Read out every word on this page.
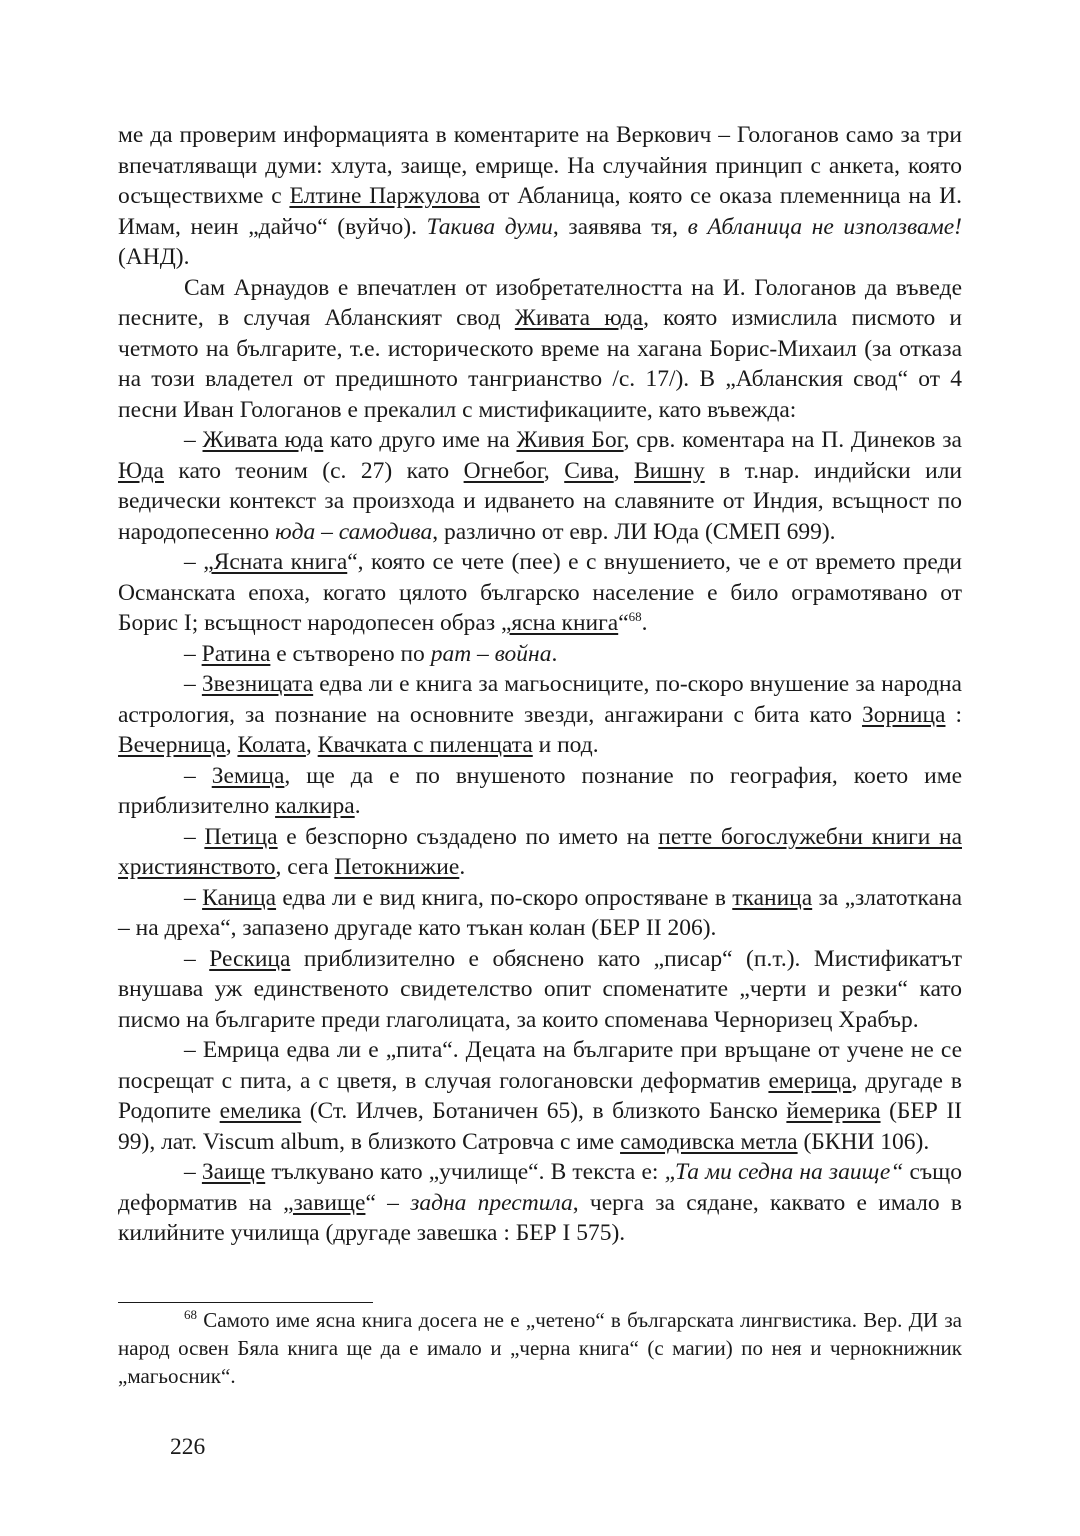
ме да проверим информацията в коментарите на Веркович – Гологанов само за три впечатляващи думи: хлута, заище, емрище. На случайния принцип с анкета, която осъществихме с Елтине Паржулова от Абланица, която се оказа племенница на И. Имам, неин „дайчо“ (вуйчо). Такива думи, заявява тя, в Абланица не използваме! (АНД).

Сам Арнаудов е впечатлен от изобретателността на И. Гологанов да въведе песните, в случая Абланският свод Живата юда, която измислила писмото и четмото на българите, т.е. историческото време на хагана Борис-Михаил (за отказа на този владетел от предишното тангрианство /с. 17/). В „Абланския свод“ от 4 песни Иван Гологанов е прекалил с мистификациите, като въвежда:

– Живата юда като друго име на Живия Бог, срв. коментара на П. Динеков за Юда като теоним (с. 27) като Огнебог, Сива, Вишну в т.нар. индийски или ведически контекст за произхода и идването на славяните от Индия, всъщност по народопесенно юда – самодива, различно от евр. ЛИ Юда (СМЕП 699).

– „Ясната книга“, която се чете (пее) е с внушението, че е от времето преди Османската епоха, когато цялото българско население е било ограмотявано от Борис I; всъщност народопесен образ „ясна книга“$^{68}$.

– Ратина е сътворено по рат – война.

– Звезницата едва ли е книга за магьосниците, по-скоро внушение за народна астрология, за познание на основните звезди, ангажирани с бита като Зорница : Вечерница, Колата, Квачката с пиленцата и под.

– Земица, ще да е по внушеното познание по география, което име приблизително калкира.

– Петица е безспорно създадено по името на петте богослужебни книги на християнството, сега Петокнижие.

– Каница едва ли е вид книга, по-скоро опростяване в тканица за „златоткана – на дреха“, запазено другаде като тъкан колан (БЕР II 206).

– Рескица приблизително е обяснено като „писар“ (п.т.). Мистификатът внушава уж единственото свидетелство опит споменатите „черти и резки“ като писмо на българите преди глаголицата, за които споменава Черноризец Храбър.

– Емрица едва ли е „пита“. Децата на българите при връщане от учене не се посрещат с пита, а с цветя, в случая гологановски деформатив емерица, другаде в Родопите емелика (Ст. Илчев, Ботаничен 65), в близкото Банско йемерика (БЕР II 99), лат. Viscum album, в близкото Сатровча с име самодивска метла (БКНИ 106).

– Заище тълкувано като „училище“. В текста е: „Та ми седна на заище“ също деформатив на „завище“ – задна престила, черга за сядане, каквато е имало в килийните училища (другаде завешка : БЕР I 575).

$^{68}$ Самото име ясна книга досега не е „четено“ в българската лингвистика. Вер. ДИ за народ освен Бяла книга ще да е имало и „черна книга“ (с магии) по нея и чернокнижник „магьосник“.

226
